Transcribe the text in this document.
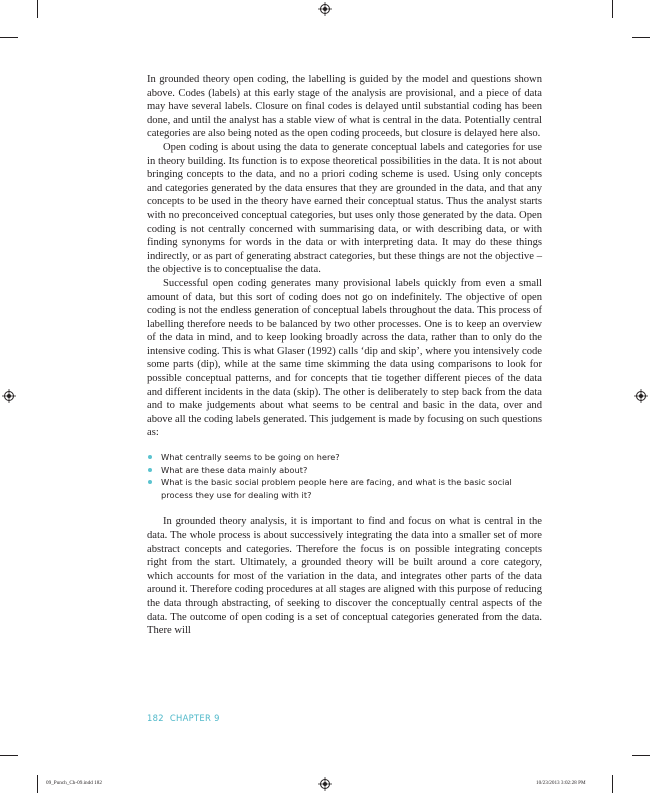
In grounded theory open coding, the labelling is guided by the model and questions shown above. Codes (labels) at this early stage of the analysis are provisional, and a piece of data may have several labels. Closure on final codes is delayed until substantial coding has been done, and until the analyst has a stable view of what is central in the data. Potentially central categories are also being noted as the open coding proceeds, but closure is delayed here also.

Open coding is about using the data to generate conceptual labels and categories for use in theory building. Its function is to expose theoretical possibilities in the data. It is not about bringing concepts to the data, and no a priori coding scheme is used. Using only concepts and categories generated by the data ensures that they are grounded in the data, and that any concepts to be used in the theory have earned their conceptual status. Thus the analyst starts with no preconceived conceptual categories, but uses only those generated by the data. Open coding is not centrally concerned with summarising data, or with describing data, or with finding synonyms for words in the data or with interpreting data. It may do these things indirectly, or as part of generating abstract categories, but these things are not the objective – the objective is to conceptualise the data.

Successful open coding generates many provisional labels quickly from even a small amount of data, but this sort of coding does not go on indefinitely. The objective of open coding is not the endless generation of conceptual labels throughout the data. This process of labelling therefore needs to be balanced by two other processes. One is to keep an overview of the data in mind, and to keep looking broadly across the data, rather than to only do the intensive coding. This is what Glaser (1992) calls ‘dip and skip’, where you intensively code some parts (dip), while at the same time skimming the data using comparisons to look for possible conceptual patterns, and for concepts that tie together different pieces of the data and different incidents in the data (skip). The other is deliberately to step back from the data and to make judgements about what seems to be central and basic in the data, over and above all the coding labels generated. This judgement is made by focusing on such questions as:

What centrally seems to be going on here?
What are these data mainly about?
What is the basic social problem people here are facing, and what is the basic social process they use for dealing with it?

In grounded theory analysis, it is important to find and focus on what is central in the data. The whole process is about successively integrating the data into a smaller set of more abstract concepts and categories. Therefore the focus is on possible integrating concepts right from the start. Ultimately, a grounded theory will be built around a core category, which accounts for most of the variation in the data, and integrates other parts of the data around it. Therefore coding procedures at all stages are aligned with this purpose of reducing the data through abstracting, of seeking to discover the conceptually central aspects of the data. The outcome of open coding is a set of conceptual categories generated from the data. There will

182 CHAPTER 9
09_Punch_Ch-09.indd 182	10/23/2013 3:02:28 PM
